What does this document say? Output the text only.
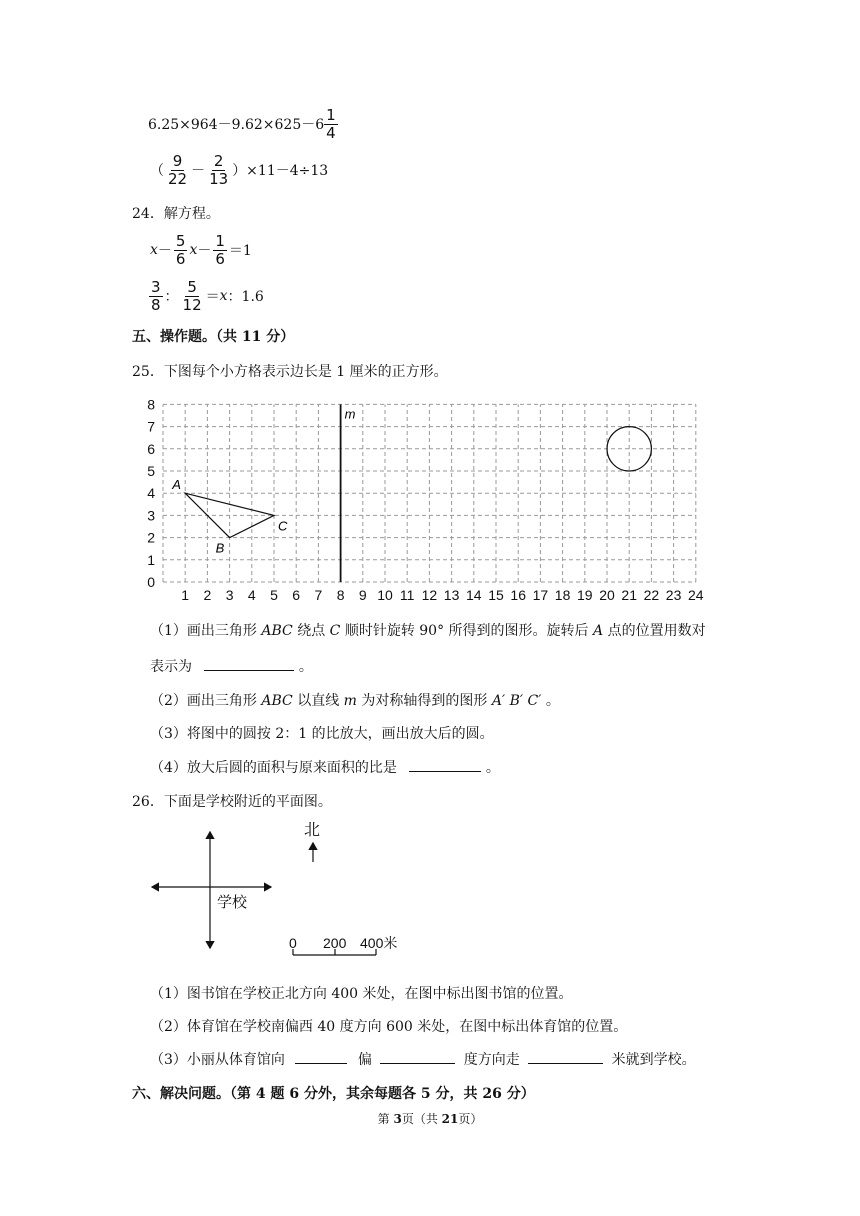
$6.25\times 964-9.62\times 625-6 \frac{1}{4}$
（ $\frac{9}{22} - \frac{2}{13} )\times 11-4\div 13$
24．解方程。
$x - \frac{5}{6}$ $x - \frac{1}{6} =1$
$\frac{3}{8}$ ： $\frac{5}{12} = x$ ：1.6
五、操作题。（共 11 分）
25．下图每个小方格表示边长是 1 厘米的正方形。
1 2 3 4 5 6 7 8 9 10 11 12 13 14 15 16 17 18 19 20 21 22 23 24
0
1
2
3
4
5
6
7
8
m
A
B
C
（1）画出三角形 ABC 绕点 C 顺时针旋转 90° 所得到的图形。旋转后 A 点的位置用数对
表示为	。
（2）画出三角形 ABC 以直线 m 为对称轴得到的图形 A′ B′ C′ 。
（3）将图中的圆按 2：1 的比放大，画出放大后的圆。
（4）放大后圆的面积与原来面积的比是	。
26．下面是学校附近的平面图。
学校
北
0 200 400米
（1）图书馆在学校正北方向 400 米处，在图中标出图书馆的位置。
（2）体育馆在学校南偏西 40 度方向 600 米处，在图中标出体育馆的位置。
（3）小丽从体育馆向	偏	度方向走	米就到学校。
六、解决问题。（第 4 题 6 分外，其余每题各 5 分，共 26 分）
第 3页（共 21页）
